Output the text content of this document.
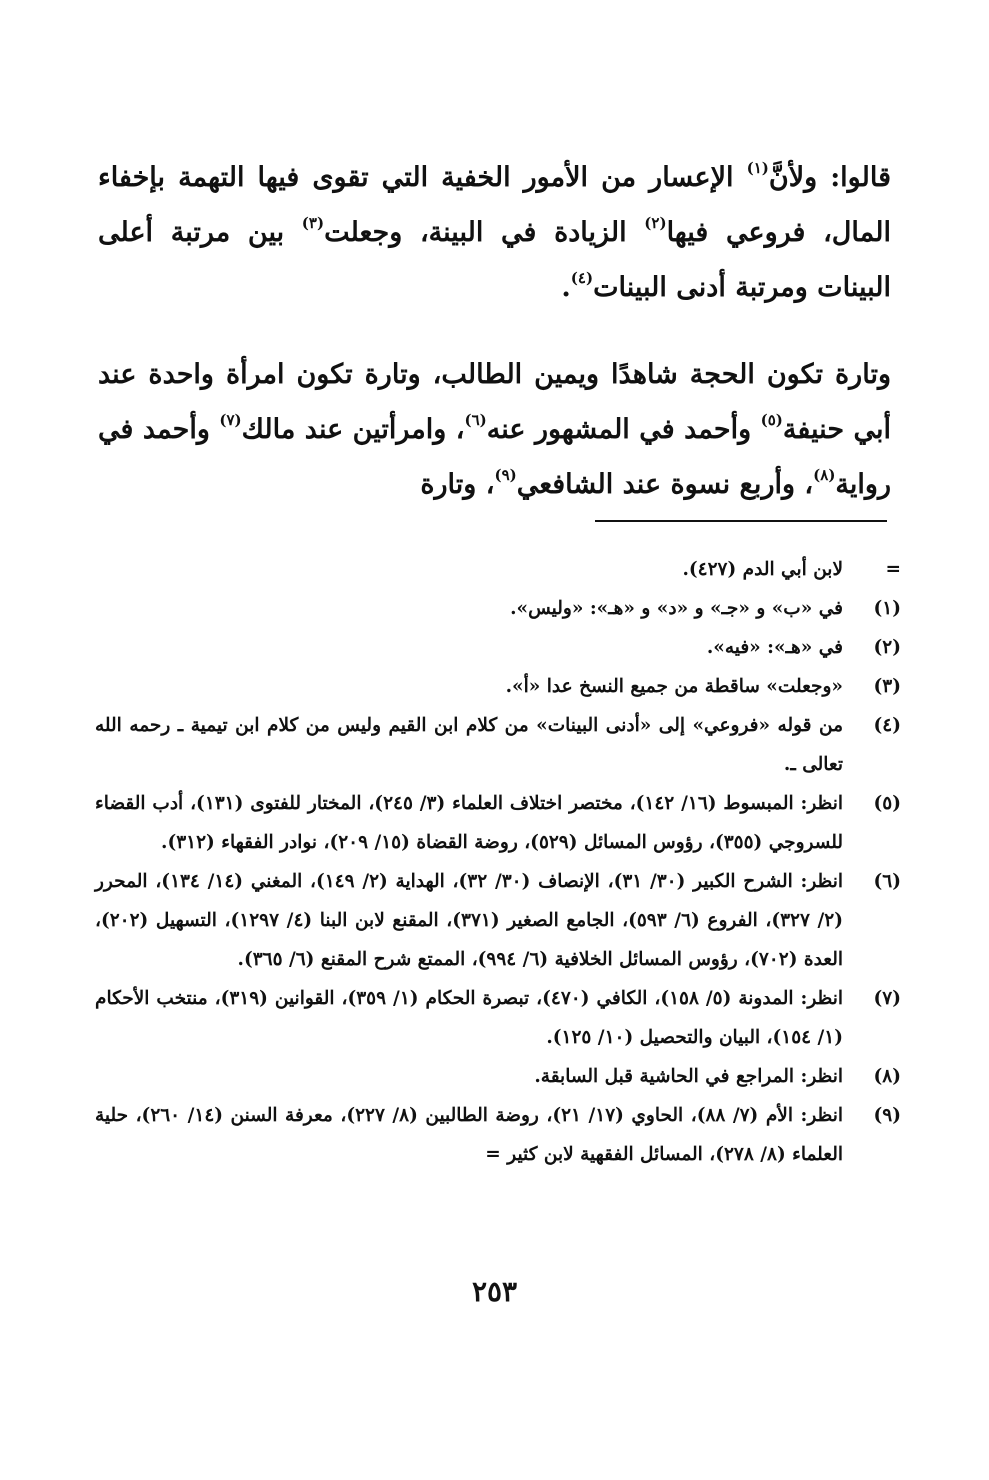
قالوا: ولأنَّ$^{(١)}$ الإعسار من الأمور الخفية التي تقوى فيها التهمة بإخفاء المال، فروعي فيها$^{(٢)}$ الزيادة في البينة، وجعلت$^{(٣)}$ بين مرتبة أعلى البينات ومرتبة أدنى البينات$^{(٤)}$.

وتارة تكون الحجة شاهدًا ويمين الطالب، وتارة تكون امرأة واحدة عند أبي حنيفة$^{(٥)}$ وأحمد في المشهور عنه$^{(٦)}$، وامرأتين عند مالك$^{(٧)}$ وأحمد في رواية$^{(٨)}$، وأربع نسوة عند الشافعي$^{(٩)}$، وتارة

=
لابن أبي الدم (٤٢٧).
(١)
في «ب» و «جـ» و «د» و «هـ»: «وليس».
(٢)
في «هـ»: «فيه».
(٣)
«وجعلت» ساقطة من جميع النسخ عدا «أ».
(٤)
من قوله «فروعي» إلى «أدنى البينات» من كلام ابن القيم وليس من كلام ابن تيمية ـ رحمه الله تعالى ـ.
(٥)
انظر: المبسوط (١٦/ ١٤٢)، مختصر اختلاف العلماء (٣/ ٢٤٥)، المختار للفتوى (١٣١)، أدب القضاء للسروجي (٣٥٥)، رؤوس المسائل (٥٢٩)، روضة القضاة (١٥/ ٢٠٩)، نوادر الفقهاء (٣١٢).
(٦)
انظر: الشرح الكبير (٣٠/ ٣١)، الإنصاف (٣٠/ ٣٢)، الهداية (٢/ ١٤٩)، المغني (١٤/ ١٣٤)، المحرر (٢/ ٣٢٧)، الفروع (٦/ ٥٩٣)، الجامع الصغير (٣٧١)، المقنع لابن البنا (٤/ ١٢٩٧)، التسهيل (٢٠٢)، العدة (٧٠٢)، رؤوس المسائل الخلافية (٦/ ٩٩٤)، الممتع شرح المقنع (٦/ ٣٦٥).
(٧)
انظر: المدونة (٥/ ١٥٨)، الكافي (٤٧٠)، تبصرة الحكام (١/ ٣٥٩)، القوانين (٣١٩)، منتخب الأحكام (١/ ١٥٤)، البيان والتحصيل (١٠/ ١٢٥).
(٨)
انظر: المراجع في الحاشية قبل السابقة.
(٩)
انظر: الأم (٧/ ٨٨)، الحاوي (١٧/ ٢١)، روضة الطالبين (٨/ ٢٢٧)، معرفة السنن (١٤/ ٢٦٠)، حلية العلماء (٨/ ٢٧٨)، المسائل الفقهية لابن كثير =
٢٥٣
